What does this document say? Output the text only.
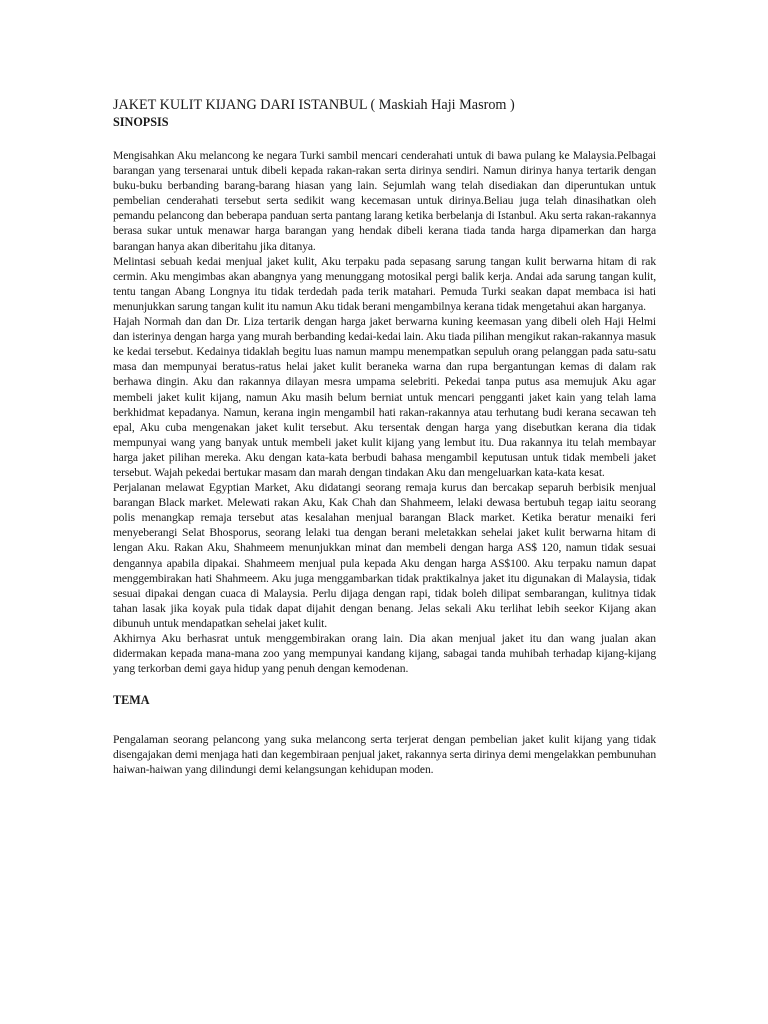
JAKET KULIT KIJANG DARI ISTANBUL ( Maskiah Haji Masrom )
SINOPSIS

Mengisahkan Aku melancong ke negara Turki sambil mencari cenderahati untuk di bawa pulang ke Malaysia.Pelbagai barangan yang tersenarai untuk dibeli kepada rakan-rakan serta dirinya sendiri. Namun dirinya hanya tertarik dengan buku-buku berbanding barang-barang hiasan yang lain. Sejumlah wang telah disediakan dan diperuntukan untuk pembelian cenderahati tersebut serta sedikit wang kecemasan untuk dirinya.Beliau juga telah dinasihatkan oleh pemandu pelancong dan beberapa panduan serta pantang larang ketika berbelanja di Istanbul. Aku serta rakan-rakannya berasa sukar untuk menawar harga barangan yang hendak dibeli kerana tiada tanda harga dipamerkan dan harga barangan hanya akan diberitahu jika ditanya.

Melintasi sebuah kedai menjual jaket kulit, Aku terpaku pada sepasang sarung tangan kulit berwarna hitam di rak cermin. Aku mengimbas akan abangnya yang menunggang motosikal pergi balik kerja. Andai ada sarung tangan kulit, tentu tangan Abang Longnya itu tidak terdedah pada terik matahari. Pemuda Turki seakan dapat membaca isi hati menunjukkan sarung tangan kulit itu namun Aku tidak berani mengambilnya kerana tidak mengetahui akan harganya.

Hajah Normah dan dan Dr. Liza tertarik dengan harga jaket berwarna kuning keemasan yang dibeli oleh Haji Helmi dan isterinya dengan harga yang murah berbanding kedai-kedai lain. Aku tiada pilihan mengikut rakan-rakannya masuk ke kedai tersebut. Kedainya tidaklah begitu luas namun mampu menempatkan sepuluh orang pelanggan pada satu-satu masa dan mempunyai beratus-ratus helai jaket kulit beraneka warna dan rupa bergantungan kemas di dalam rak berhawa dingin. Aku dan rakannya dilayan mesra umpama selebriti. Pekedai tanpa putus asa memujuk Aku agar membeli jaket kulit kijang, namun Aku masih belum berniat untuk mencari pengganti jaket kain yang telah lama berkhidmat kepadanya. Namun, kerana ingin mengambil hati rakan-rakannya atau terhutang budi kerana secawan teh epal, Aku cuba mengenakan jaket kulit tersebut. Aku tersentak dengan harga yang disebutkan kerana dia tidak mempunyai wang yang banyak untuk membeli jaket kulit kijang yang lembut itu. Dua rakannya itu telah membayar harga jaket pilihan mereka. Aku dengan kata-kata berbudi bahasa mengambil keputusan untuk tidak membeli jaket tersebut. Wajah pekedai bertukar masam dan marah dengan tindakan Aku dan mengeluarkan kata-kata kesat.

Perjalanan melawat Egyptian Market, Aku didatangi seorang remaja kurus dan bercakap separuh berbisik menjual barangan Black market. Melewati rakan Aku, Kak Chah dan Shahmeem, lelaki dewasa bertubuh tegap iaitu seorang polis menangkap remaja tersebut atas kesalahan menjual barangan Black market. Ketika beratur menaiki feri menyeberangi Selat Bhosporus, seorang lelaki tua dengan berani meletakkan sehelai jaket kulit berwarna hitam di lengan Aku. Rakan Aku, Shahmeem menunjukkan minat dan membeli dengan harga AS$ 120, namun tidak sesuai dengannya apabila dipakai. Shahmeem menjual pula kepada Aku dengan harga AS$100. Aku terpaku namun dapat menggembirakan hati Shahmeem. Aku juga menggambarkan tidak praktikalnya jaket itu digunakan di Malaysia, tidak sesuai dipakai dengan cuaca di Malaysia. Perlu dijaga dengan rapi, tidak boleh dilipat sembarangan, kulitnya tidak tahan lasak jika koyak pula tidak dapat dijahit dengan benang. Jelas sekali Aku terlihat lebih seekor Kijang akan dibunuh untuk mendapatkan sehelai jaket kulit.

Akhirnya Aku berhasrat untuk menggembirakan orang lain. Dia akan menjual jaket itu dan wang jualan akan didermakan kepada mana-mana zoo yang mempunyai kandang kijang, sabagai tanda muhibah terhadap kijang-kijang yang terkorban demi gaya hidup yang penuh dengan kemodenan.

TEMA

Pengalaman seorang pelancong yang suka melancong serta terjerat dengan pembelian jaket kulit kijang yang tidak disengajakan demi menjaga hati dan kegembiraan penjual jaket, rakannya serta dirinya demi mengelakkan pembunuhan haiwan-haiwan yang dilindungi demi kelangsungan kehidupan moden.
